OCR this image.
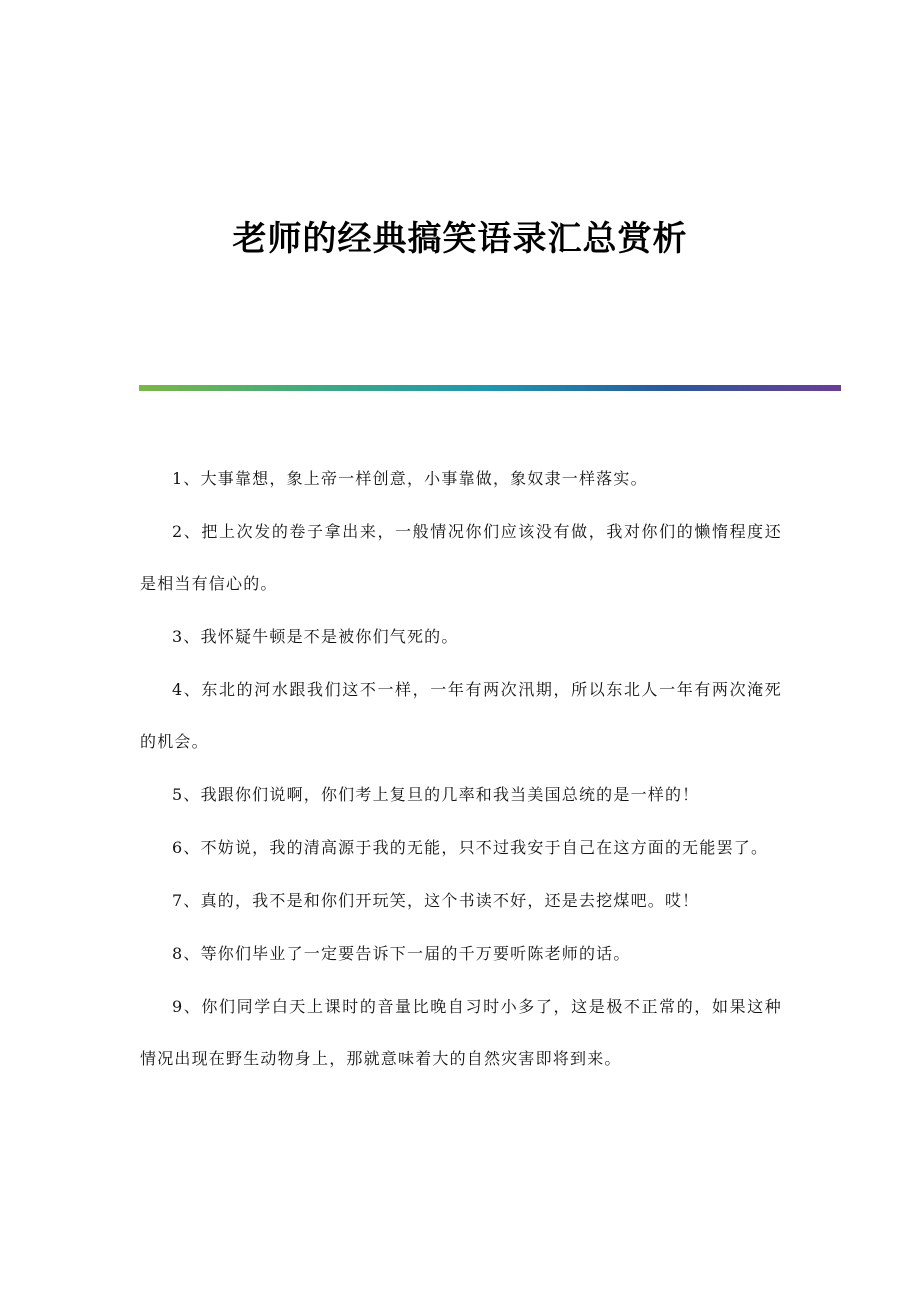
老师的经典搞笑语录汇总赏析

1、大事靠想，象上帝一样创意，小事靠做，象奴隶一样落实。

2、把上次发的卷子拿出来，一般情况你们应该没有做，我对你们的懒惰程度还是相当有信心的。

3、我怀疑牛顿是不是被你们气死的。

4、东北的河水跟我们这不一样，一年有两次汛期，所以东北人一年有两次淹死的机会。

5、我跟你们说啊，你们考上复旦的几率和我当美国总统的是一样的！

6、不妨说，我的清高源于我的无能，只不过我安于自己在这方面的无能罢了。

7、真的，我不是和你们开玩笑，这个书读不好，还是去挖煤吧。哎！

8、等你们毕业了一定要告诉下一届的千万要听陈老师的话。

9、你们同学白天上课时的音量比晚自习时小多了，这是极不正常的，如果这种情况出现在野生动物身上，那就意味着大的自然灾害即将到来。
